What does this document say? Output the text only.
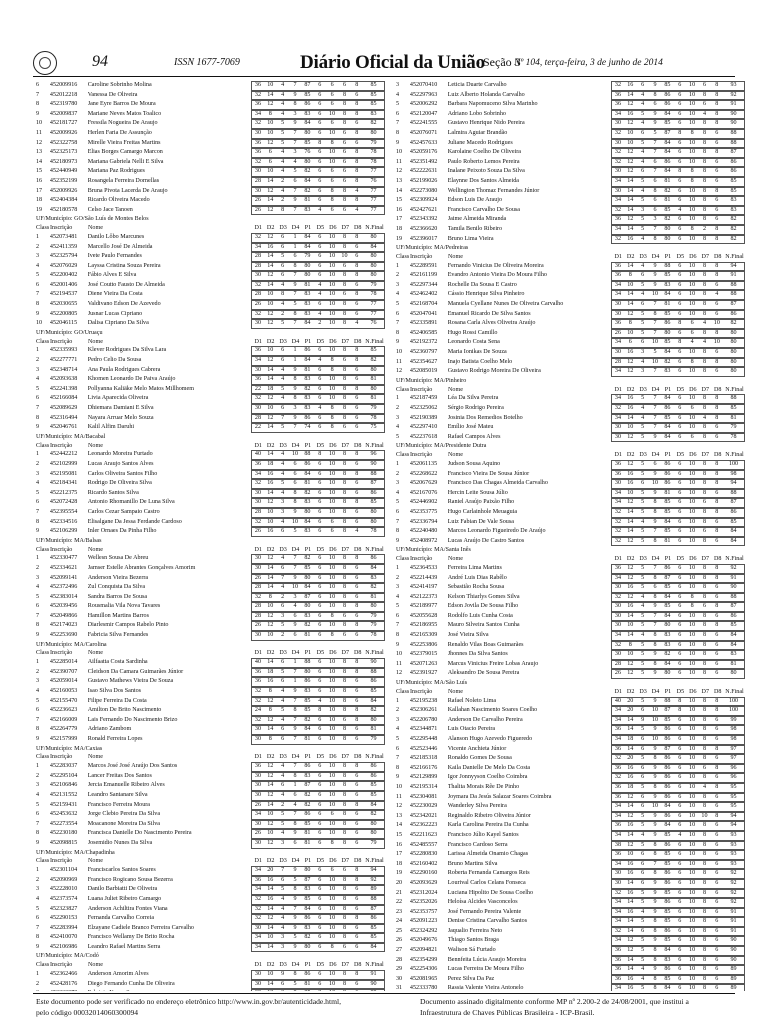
94	ISSN 1677-7069	Diário Oficial da União
- Seção 3
Nº 104, terça-feira, 3 de junho de 2014
6	452009916	Caroline Sobrinho Molina	36	10	4	7	87	6	6	6	8	85
7	452012218	Vanessa De Oliveira	32	14	4	9	85	6	6	8	6	85
8	452319780	Jane Eyre Barros De Moura	36	12	4	8	86	6	6	8	8	85
9	452009837	Mariane Neves Matos Toalico	34	8	4	3	83	6	10	8	8	83
10	452181727	Fressila Nogueira De Araujo	32	10	5	9	84	6	6	8	6	82
11	452009926	Herlen Faria De Assunção	30	10	5	7	80	6	10	6	8	80
12	452322758	Mirelle Vieira Freitas Martins	36	12	5	7	85	8	8	6	6	79
13	452325173	Elias Borges Camargo Marcon	36	6	4	3	76	6	10	6	8	78
14	452180973	Mariana Gabriela Nelli E Silva	32	6	4	4	80	6	10	6	8	78
15	452440949	Mariana Paz Rodrigues	30	10	4	5	82	6	6	6	8	77
16	452352199	Rosangela Ferreira Dornellas	28	14	2	6	84	6	6	6	8	76
17	452009926	Bruna Pivota Lacerda De Araujo	30	12	4	7	82	6	8	8	4	77
18	452404384	Ricardo Oliveira Macedo	26	14	2	9	81	6	8	8	8	77
19	452180578	Celso Jace Tanoen	26	12	8	7	83	4	6	6	4	77
UF/Município: GO/São Luís de Montes Belos
Class Inscrição	Nome	D1 D2 D3 D4 P1 D5 D6 D7 D8 N.Final
1	452073481	Danilo Lôbo Marcunes	32	12	6	1	84	6	10	8	8	80
2	452411359	Marcello José De Almeida	34	16	6	1	84	6	10	8	6	84
3	452325794	Ivete Paulo Fernandes	28	14	5	6	79	6	10	10	6	80
4	452076029	Layssa Cristina Souza Pereira	28	14	6	8	80	6	10	6	8	80
5	452200402	Fábio Alves E Silva	30	12	6	7	80	6	10	8	8	80
6	452001406	José Coutto Fausto De Almeida	32	14	4	9	81	4	10	8	6	79
7	452194537	Diene Vieira Da Costa	28	10	8	7	83	4	10	6	8	78
8	452030655	Valdivano Edson De Azevedo	26	10	4	5	83	6	10	8	6	77
9	452200805	Jusnar Lucas Cipriano	32	12	2	8	83	4	10	8	6	77
10	452046115	Dalisa Cipriano Da Silva	30	12	5	7	84	2	10	8	4	76
UF/Município: GO/Uruaçu
Class Inscrição	Nome	D1 D2 D3 D4 P1 D5 D6 D7 D8 N.Final
1	452335993	Klever Rodrigues Da Silva Lara	36	10	6	1	86	6	10	8	8	85
2	452277771	Pedro Celio Da Sousa	34	12	6	1	84	4	8	6	8	82
3	452348714	Ana Paula Rodrigues Cabrera	30	14	4	9	81	6	8	8	6	80
4	452093638	Khomen Leonardo De Paiva Araújo	36	14	4	8	83	6	10	8	6	81
5	452241398	Pollyanna Kaliäke Melo Matos Millhomem	22	18	5	9	82	6	10	8	8	80
6	452166084	Livia Aparecida Oliveira	32	12	4	8	83	6	10	8	6	81
7	452089629	Dhiemara Damiani E Silva	30	10	6	3	83	4	8	8	6	79
8	452316494	Nayara Arruar Melo Souza	28	12	7	9	86	6	8	8	6	78
9	452046761	Kalil Alfim Daruhi	22	14	5	7	74	6	8	6	6	75
UF/Município: MA/Bacabal
Class Inscrição	Nome	D1 D2 D3 D4 P1 D5 D6 D7 D8 N.Final
1	452442212	Leonardo Moreira Furtado	40	14	4	10	88	8	10	8	8	96
2	452102999	Lucas Araujo Santos Alves	36	18	4	6	86	6	10	8	6	90
3	452195081	Carlos Oliveira Santos Filho	34	16	4	6	84	6	10	8	8	88
4	452184341	Rodrigo De Oliveira Silva	32	16	5	6	81	6	10	8	6	87
5	452212375	Ricardo Santos Silva	30	14	4	8	82	6	10	8	6	86
6	452072428	Antonio Rhomanillo De Luna Silva	30	12	3	8	83	6	10	8	8	85
7	452395554	Carlos Cezar Sampaio Castro	28	10	3	9	80	6	10	8	6	80
8	452334516	Elisalgane Da Jessa Ferdande Cardoso	32	10	4	10	84	6	6	8	6	80
9	452106299	Inler Ornaes Da Pinha Filho	26	16	6	5	83	6	6	8	4	78
UF/Município: MA/Balsas
Class Inscrição	Nome	D1 D2 D3 D4 P1 D5 D6 D7 D8 N.Final
1	452330477	Wellesn Sousa De Abreu	30	12	4	7	82	6	10	8	8	86
2	452334621	Jarnser Estelle Abrantes Gonçalves Amorim	30	14	6	7	85	6	10	8	6	84
3	452099141	Anderson Vieira Bezerra	26	14	7	9	80	6	10	8	6	83
4	452372496	Zul Conquista Da Silva	28	14	4	10	84	6	10	8	6	82
5	452383014	Sandra Barros De Sousa	32	8	2	3	87	6	10	8	6	81
6	452039456	Rousmalia Vila Nova Tavares	28	10	6	4	80	6	10	8	8	80
7	452049866	Hamillon Martins Barros	28	12	3	6	83	6	8	6	6	79
8	452174023	Diarlesmir Campos Rabelo Pinto	26	12	5	9	82	6	10	8	8	79
9	452253690	Fabricia Silva Fernandes	30	10	2	6	81	6	8	6	6	78
UF/Município: MA/Carolina
Class Inscrição	Nome	D1 D2 D3 D4 P1 D5 D6 D7 D8 N.Final
1	452285014	Ailfaatta Costa Sardinha	40	14	6	1	88	6	10	8	8	90
2	452390707	Cleidson Da Camara Guimarães Júnior	36	18	5	7	80	6	10	8	8	88
3	452059014	Gustavo Mathews Vieira De Souza	36	16	6	1	86	6	10	8	6	86
4	452160053	Isao Silva Dos Santos	32	8	4	9	83	6	10	8	6	85
5	452155470	Filipe Ferreira Da Costa	32	12	4	7	85	4	10	8	6	84
6	452236623	Amilton De Brito Nascimento	24	8	5	8	85	8	10	8	8	82
7	452166009	Lais Fernando Do Nascimento Brizo	32	12	4	7	82	6	10	6	8	80
8	452264779	Adriano Zambom	30	14	6	9	84	6	10	8	6	81
9	452157999	Ronald Ferreira Lopes	30	8	6	7	81	6	10	8	6	79
UF/Município: MA/Caxias
Class Inscrição	Nome	D1 D2 D3 D4 P1 D5 D6 D7 D8 N.Final
1	452283037	Marcos José José Araújo Dos Santos	36	12	4	7	86	6	10	8	8	86
2	452295104	Lancer Freitas Dos Santos	30	12	4	8	83	6	10	8	6	86
3	452106846	Jercia Emanuelle Ribeiro Alves	30	14	6	1	87	6	10	8	6	85
4	452131552	Leandro Santanare Silva	30	12	4	6	82	6	10	8	6	85
5	452159431	Francisco Ferreira Moura	26	14	2	4	82	6	10	8	8	84
6	452453632	Jorge Clebio Pereira Da Silva	34	10	5	7	86	6	6	8	6	82
7	452273554	Moacanone Moreira Da Silva	30	12	5	8	85	6	10	8	6	80
8	452230180	Francisca Danielle Do Nascimento Pereira	26	10	4	9	81	6	10	8	6	80
9	452098815	Josemidio Nunes Da Silva	30	12	3	6	81	6	8	8	6	79
UF/Município: MA/Chapadinha
Class Inscrição	Nome	D1 D2 D3 D4 P1 D5 D6 D7 D8 N.Final
1	452301104	Franciscarlos Santos Soares	34	20	7	9	80	6	6	6	8	94
2	452090969	Francisco Rogicano Sousa Bezerra	36	16	6	5	87	6	10	8	8	92
3	452228010	Danilo Barbiatti De Oliveira	34	14	5	8	83	6	10	8	6	89
4	452373574	Luana Juliet Ribeiro Camargo	32	16	4	9	85	6	10	8	6	88
5	452323827	Anderson Achiltira Fontes Viana	32	14	4	7	84	6	10	8	6	87
6	452290153	Fernanda Carvalho Correia	32	12	4	9	86	6	10	8	8	86
7	452283994	Elzayane Cadiele Branco Ferreira Carvalho	30	14	4	9	83	6	10	8	6	85
8	452410070	Francisco Wellamy De Brito Rocha	34	10	3	5	82	6	10	8	6	85
9	452106986	Leandro Rafael Martins Serra	34	14	3	9	80	6	8	6	6	84
UF/Município: MA/Codó
Class Inscrição	Nome	D1 D2 D3 D4 P1 D5 D6 D7 D8 N.Final
1	452362466	Anderson Amorim Alves	30	10	9	8	86	6	10	8	8	91
2	452428176	Diego Fernando Cunha De Oliveira	30	14	6	5	81	6	10	8	6	90
3	452070410	Leticia Duarte Carvalho	32	16	6	9	85	6	10	6	8	93
4	452297963	Luiz Alberto Holanda Carvalho	36	14	4	8	86	6	10	8	8	92
5	452006292	Barbara Napomuceno Silva Marinho	36	12	4	6	86	6	10	6	8	91
6	452120047	Adriano Lobo Sobrinho	34	16	5	9	84	6	10	4	8	90
7	452241555	Gustavo Henrique Nido Pereira	30	12	4	9	85	6	10	8	8	90
8	452076071	Lalmira Aguiar Brandão	32	10	6	5	87	8	8	8	6	88
9	452457633	Juliane Macedo Rodrigues	30	10	5	7	84	6	10	8	6	88
10	452059176	Karolaine Coelho De Oliveira	32	12	4	7	84	6	10	8	8	87
11	452351492	Paulo Roberto Lemos Pereira	32	12	4	6	86	6	10	8	6	86
12	452222631	Inalane Peixoto Souza Da Silva	30	12	6	7	84	8	8	8	6	86
13	452199026	Elaynne Dos Santos Almeida	34	14	5	6	81	6	8	8	6	85
14	452273080	Wellington Thomaz Fernandes Júnior	30	14	4	8	82	6	10	8	8	85
15	452309924	Edson Luis De Araujo	34	14	5	6	81	6	10	8	6	83
16	452427621	Francisco Carvalho De Sousa	32	14	3	6	85	4	10	8	6	83
17	452343392	Jaime Almeida Miranda	36	12	5	3	82	6	10	8	6	82
18	452366620	Tamila Benilo Ribeiro	34	14	5	7	80	6	8	2	8	82
19	452396017	Bruno Lima Vieira	32	16	4	8	80	6	10	8	8	82
UF/Município: MA/Pedreiras
Class Inscrição	Nome	D1 D2 D3 D4 P1 D5 D6 D7 D8 N.Final
1	452289591	Fernando Vinicius De Oliveira Moreira	36	14	4	9	88	6	10	8	8	94
2	452161199	Evandro Antonio Vieira Do Moura Filho	36	8	6	9	85	6	10	8	8	91
3	452297344	Rochelle Da Sousa E Castro	34	10	5	9	83	6	10	8	6	88
4	452462402	Cássio Henrique Silva Pinheiro	34	14	4	10	84	6	10	8	4	88
5	452168704	Manuela Cyellane Nunes De Oliveira Carvalho	30	14	6	7	81	6	10	8	6	87
6	452047041	Emanuel Ricardo De Silva Santos	30	12	5	8	85	6	10	8	6	86
7	452335891	Rosana Carla Alves Oliveira Araújo	36	8	5	7	86	8	6	4	10	82
8	452406585	Hugo Rossi Camillo	26	10	5	7	80	6	6	8	8	80
9	452192372	Leonardo Costa Sena	34	6	6	10	85	8	4	4	10	80
10	452360797	Maria Ionikas De Souza	30	16	3	5	84	6	10	8	6	80
11	452354627	Inajo Batista Coelho Melo	28	12	4	10	82	6	8	8	8	80
12	452085019	Gustavo Rodrigo Moreira De Oliveira	34	12	3	7	83	6	10	8	6	80
UF/Município: MA/Pinheiro
Class Inscrição	Nome	D1 D2 D3 D4 P1 D5 D6 D7 D8 N.Final
1	452187459	Léa Da Silva Pereira	34	16	5	7	84	6	10	8	8	88
2	452325062	Sérgio Rodrigo Pereira	32	16	4	7	86	6	6	8	8	85
3	452190389	Josinia Dos Remedios Botelho	34	14	4	7	85	6	10	4	8	81
4	452297410	Emílio José Mateu	30	10	5	7	84	6	10	8	6	79
5	452237618	Rafael Campos Alves	30	12	5	9	84	6	6	8	6	78
UF/Município: MA/Presidente Dutra
Class Inscrição	Nome	D1 D2 D3 D4 P1 D5 D6 D7 D8 N.Final
1	452061135	Judson Sousa Aquino	36	12	5	6	86	6	10	8	8	100
2	452268622	Francisco Vieira De Sousa Júnior	36	16	5	9	86	6	10	8	8	98
3	452067629	Francisco Das Chagas Almeida Carvalho	30	16	6	10	86	6	10	8	8	94
4	452167076	Hercin Leite Sousa Júlio	34	10	5	9	81	6	10	8	6	88
5	452446902	Raniel Araújo Paixão Filho	34	12	5	8	85	6	10	6	8	87
6	452353775	Hugo Carlainhole Meuaguia	32	14	5	8	85	6	10	8	8	86
7	452336794	Luiz Fabian De Vale Sousa	32	14	4	9	84	6	10	8	6	85
8	452240480	Marcos Leonardo Figueiredo De Araújo	32	14	5	7	85	6	10	6	8	84
9	452408972	Lucas Araújo De Castro Santos	32	12	5	8	81	6	10	8	6	84
UF/Município: MA/Santa Inês
Class Inscrição	Nome	D1 D2 D3 D4 P1 D5 D6 D7 D8 N.Final
1	452364533	Ferreira Lima Martins	36	12	5	7	86	6	10	8	8	92
2	452214439	André Luis Dias Rabêlo	34	12	5	8	87	6	10	8	8	91
3	452414197	Sebastião Rocha Sousa	30	16	5	6	85	6	10	8	6	90
4	452122373	Kelson Thiarlys Gomes Silva	32	12	4	8	84	6	8	8	6	88
5	452189977	Edson Jovila De Sousa Filho	30	16	4	9	85	6	8	6	8	87
6	452055628	Rodolfo Luis Cunha Costa	30	14	5	7	84	6	10	8	6	86
7	452186955	Mauro Silveira Santos Cunha	30	10	5	7	80	6	10	8	8	85
8	452165309	José Vieira Silva	34	14	4	8	83	6	10	8	6	84
9	452253806	Renaldo Vilas Boas Guimarães	32	8	5	8	83	6	10	8	6	84
10	452379015	Jhonnes Da Silva Santos	30	10	5	9	82	6	10	8	6	83
11	452071263	Marcus Vinicius Freire Lobas Araujo	28	12	5	8	84	6	10	8	6	81
12	452391927	Aleksandro De Sousa Pereira	26	12	5	9	80	6	10	8	6	80
UF/Município: MA/São Luís
Class Inscrição	Nome	D1 D2 D3 D4 P1 D5 D6 D7 D8 N.Final
1	452195238	Rafael Noleto Lima	40	20	5	9	88	8	10	8	8	100
2	452306261	Kallahan Nascimento Soares Coelho	34	20	6	10	87	8	10	8	8	100
3	452206780	Anderson De Carvalho Pereira	34	14	9	10	85	6	10	8	6	99
4	452344871	Luis Otacio Pereira	36	14	5	9	86	6	10	8	6	98
5	452295448	Alanson Hugo Azevedo Figueredo	34	18	6	10	86	6	10	8	6	98
6	452523446	Vicente Anchieta Júnior	36	14	6	9	87	6	10	8	8	97
7	452185318	Ronaldo Gomes De Sousa	32	20	5	8	86	6	10	8	6	97
8	452166176	Kaila Danielle De Melo Da Costa	36	16	6	9	86	6	10	6	8	96
9	452129899	Igor Jonnyyson Coelho Coimbra	32	16	6	9	86	6	10	8	6	96
10	452195314	Thalita Morais Rêe De Pinho	36	18	5	8	86	6	10	4	8	95
11	452304081	Joymara Da Jesús Salazar Soares Coimbra	36	12	6	9	86	6	10	8	6	95
12	452230029	Wanderley Silva Pereira	34	14	6	10	84	6	10	8	6	95
13	452342021	Reginaldo Ribeiro Oliveira Júnior	34	12	5	9	86	6	10	10	8	94
14	452362223	Karla Carolina Pereira Da Cunha	36	16	5	9	84	6	10	8	6	94
15	452211623	Francisco Júlio Kayel Santos	34	14	4	9	85	4	10	8	6	93
16	452485557	Francisco Cardoso Serra	38	12	5	8	86	6	10	8	6	93
17	452280830	Larissa Almeida Onamio Chagas	36	10	6	8	85	6	10	8	6	93
18	452160402	Bruno Martins Silva	34	16	6	7	85	6	10	8	6	93
19	452290160	Roberta Fernanda Camargos Reis	30	16	6	8	86	6	10	8	6	92
20	452093629	Lourival Carlos Celans Fonseca	30	14	6	9	86	6	10	8	6	92
21	452312024	Luciana Hipolito De Sousa Coelho	32	16	5	9	85	6	10	8	6	92
22	452352026	Heloísa Alcides Vasconcelos	34	14	5	9	86	6	10	8	6	92
23	452353757	José Fernando Pereira Valente	34	16	4	9	85	6	10	8	6	91
24	452091223	Denise Cristina Carvalho Santos	34	14	5	8	85	6	10	8	6	91
25	452324292	Jaqualio Ferreira Neto	32	14	6	8	86	6	10	8	6	91
26	452049676	Thiago Santos Braga	34	12	5	9	85	6	10	8	6	90
27	452094821	Walison Sá Furtado	36	12	5	8	84	6	10	8	6	90
28	452354299	Bennfeita Lúcia Araujo Moreira	36	14	5	8	83	6	10	8	6	90
29	452254306	Lucas Ferreira De Moura Filho	36	14	4	9	86	6	10	8	6	89
30	452081965	Perez Silva Da Paz	36	16	4	8	85	6	10	8	6	89
31	452333780	Rassia Valente Vieira Antonelo	34	16	5	8	84	6	10	8	6	89
Este documento pode ser verificado no endereço eletrônico http://www.in.gov.br/autenticidade.html,
pelo código 00032014060300094
Documento assinado digitalmente conforme MP nº 2.200-2 de 24/08/2001, que institui a
Infraestrutura de Chaves Públicas Brasileira - ICP-Brasil.
